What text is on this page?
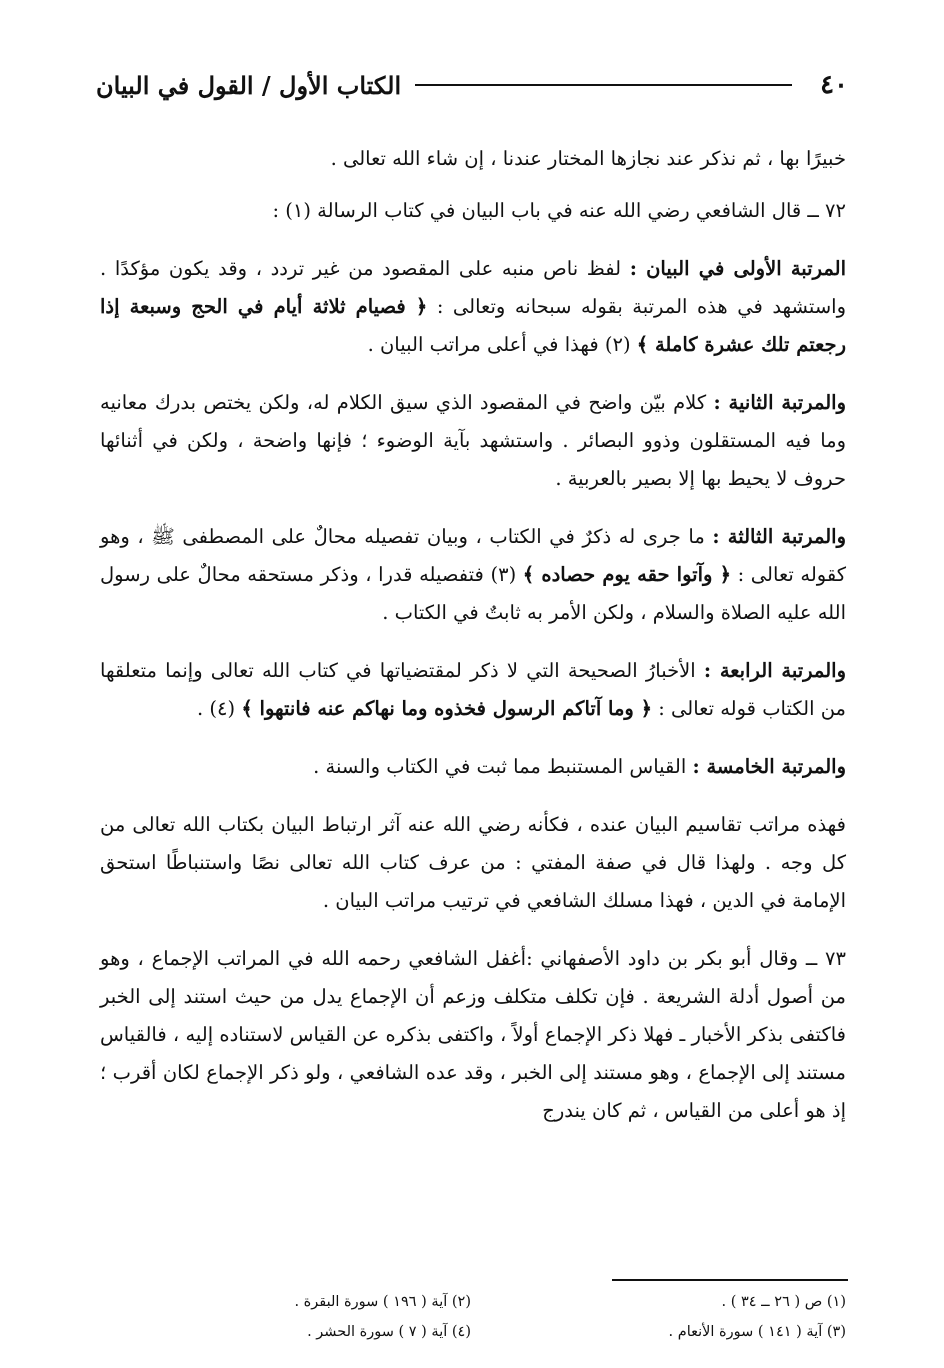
٤٠
الكتاب الأول / القول في البيان

خبيرًا بها ، ثم نذكر عند نجازها المختار عندنا ، إن شاء الله تعالى .

٧٢ ــ قال الشافعي رضي الله عنه في باب البيان في كتاب الرسالة (١) :

المرتبة الأولى في البيان : لفظ ناص منبه على المقصود من غير تردد ، وقد يكون مؤكدًا . واستشهد في هذه المرتبة بقوله سبحانه وتعالى : ﴿ فصيام ثلاثة أيام في الحج وسبعة إذا رجعتم تلك عشرة كاملة ﴾ (٢) فهذا في أعلى مراتب البيان .

والمرتبة الثانية : كلام بيّن واضح في المقصود الذي سيق الكلام له، ولكن يختص بدرك معانيه وما فيه المستقلون وذوو البصائر . واستشهد بآية الوضوء ؛ فإنها واضحة ، ولكن في أثنائها حروف لا يحيط بها إلا بصير بالعربية .

والمرتبة الثالثة : ما جرى له ذكرٌ في الكتاب ، وبيان تفصيله محالٌ على المصطفى ﷺ ، وهو كقوله تعالى : ﴿ وآتوا حقه يوم حصاده ﴾ (٣) فتفصيله قدرا ، وذكر مستحقه محالٌ على رسول الله عليه الصلاة والسلام ، ولكن الأمر به ثابتٌ في الكتاب .

والمرتبة الرابعة : الأخبارُ الصحيحة التي لا ذكر لمقتضياتها في كتاب الله تعالى وإنما متعلقها من الكتاب قوله تعالى : ﴿ وما آتاكم الرسول فخذوه وما نهاكم عنه فانتهوا ﴾ (٤) .

والمرتبة الخامسة : القياس المستنبط مما ثبت في الكتاب والسنة .

فهذه مراتب تقاسيم البيان عنده ، فكأنه رضي الله عنه آثر ارتباط البيان بكتاب الله تعالى من كل وجه . ولهذا قال في صفة المفتي : من عرف كتاب الله تعالى نصًا واستنباطًا استحق الإمامة في الدين ، فهذا مسلك الشافعي في ترتيب مراتب البيان .

٧٣ ــ وقال أبو بكر بن داود الأصفهاني :أغفل الشافعي رحمه الله في المراتب الإجماع ، وهو من أصول أدلة الشريعة . فإن تكلف متكلف وزعم أن الإجماع يدل من حيث استند إلى الخبر فاكتفى بذكر الأخبار ـ فهلا ذكر الإجماع أولاً ، واكتفى بذكره عن القياس لاستناده إليه ، فالقياس مستند إلى الإجماع ، وهو مستند إلى الخبر ، وقد عده الشافعي ، ولو ذكر الإجماع لكان أقرب ؛ إذ هو أعلى من القياس ، ثم كان يندرج

(١) ص ( ٢٦ ــ ٣٤ ) .
(٢) آية ( ١٩٦ ) سورة البقرة .
(٣) آية ( ١٤١ ) سورة الأنعام .
(٤) آية ( ٧ ) سورة الحشر .
